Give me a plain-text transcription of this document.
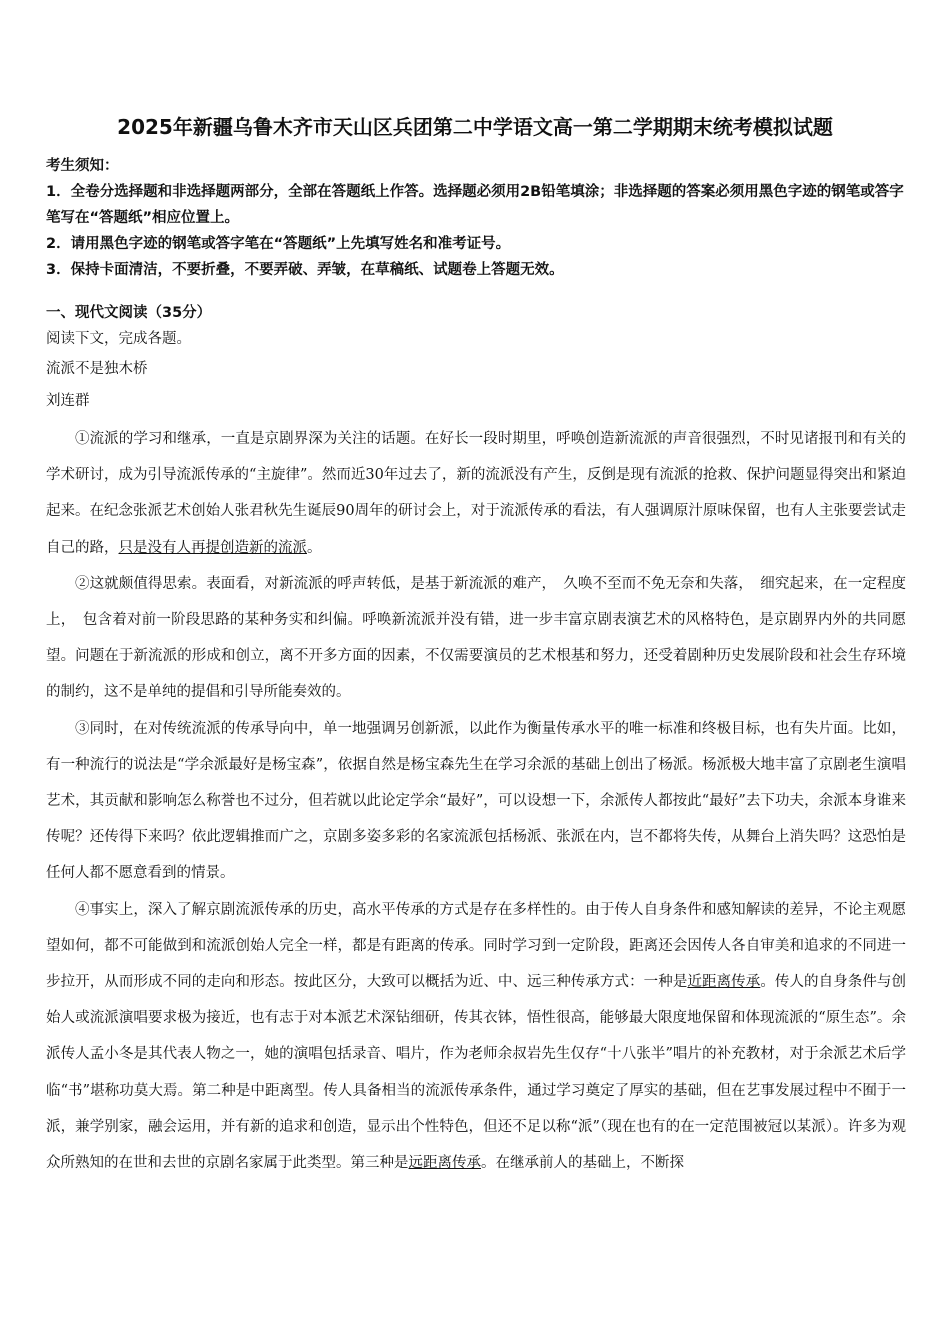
2025年新疆乌鲁木齐市天山区兵团第二中学语文高一第二学期期末统考模拟试题
考生须知：
1．全卷分选择题和非选择题两部分，全部在答题纸上作答。选择题必须用2B铅笔填涂；非选择题的答案必须用黑色字迹的钢笔或答字笔写在“答题纸”相应位置上。
2．请用黑色字迹的钢笔或答字笔在“答题纸”上先填写姓名和准考证号。
3．保持卡面清洁，不要折叠，不要弄破、弄皱，在草稿纸、试题卷上答题无效。
一、现代文阅读（35分）
阅读下文，完成各题。
流派不是独木桥
刘连群

①流派的学习和继承，一直是京剧界深为关注的话题。在好长一段时期里，呼唤创造新流派的声音很强烈，不时见诸报刊和有关的学术研讨，成为引导流派传承的“主旋律”。然而近30年过去了，新的流派没有产生，反倒是现有流派的抢救、保护问题显得突出和紧迫起来。在纪念张派艺术创始人张君秋先生诞辰90周年的研讨会上，对于流派传承的看法，有人强调原汁原味保留，也有人主张要尝试走自己的路，只是没有人再提创造新的流派。

②这就颇值得思索。表面看，对新流派的呼声转低，是基于新流派的难产，　久唤不至而不免无奈和失落，　细究起来，在一定程度上，　包含着对前一阶段思路的某种务实和纠偏。呼唤新流派并没有错，进一步丰富京剧表演艺术的风格特色，是京剧界内外的共同愿望。问题在于新流派的形成和创立，离不开多方面的因素，不仅需要演员的艺术根基和努力，还受着剧种历史发展阶段和社会生存环境的制约，这不是单纯的提倡和引导所能奏效的。

③同时，在对传统流派的传承导向中，单一地强调另创新派，以此作为衡量传承水平的唯一标准和终极目标，也有失片面。比如，有一种流行的说法是“学余派最好是杨宝森”，依据自然是杨宝森先生在学习余派的基础上创出了杨派。杨派极大地丰富了京剧老生演唱艺术，其贡献和影响怎么称誉也不过分，但若就以此论定学余“最好”，可以设想一下，余派传人都按此“最好”去下功夫，余派本身谁来传呢？还传得下来吗？依此逻辑推而广之，京剧多姿多彩的名家流派包括杨派、张派在内，岂不都将失传，从舞台上消失吗？这恐怕是任何人都不愿意看到的情景。

④事实上，深入了解京剧流派传承的历史，高水平传承的方式是存在多样性的。由于传人自身条件和感知解读的差异，不论主观愿望如何，都不可能做到和流派创始人完全一样，都是有距离的传承。同时学习到一定阶段，距离还会因传人各自审美和追求的不同进一步拉开，从而形成不同的走向和形态。按此区分，大致可以概括为近、中、远三种传承方式：一种是近距离传承。传人的自身条件与创始人或流派演唱要求极为接近，也有志于对本派艺术深钻细研，传其衣钵，悟性很高，能够最大限度地保留和体现流派的“原生态”。余派传人孟小冬是其代表人物之一，她的演唱包括录音、唱片，作为老师余叔岩先生仅存“十八张半”唱片的补充教材，对于余派艺术后学临“书”堪称功莫大焉。第二种是中距离型。传人具备相当的流派传承条件，通过学习奠定了厚实的基础，但在艺事发展过程中不囿于一派，兼学别家，融会运用，并有新的追求和创造，显示出个性特色，但还不足以称“派”（现在也有的在一定范围被冠以某派）。许多为观众所熟知的在世和去世的京剧名家属于此类型。第三种是远距离传承。在继承前人的基础上，不断探
